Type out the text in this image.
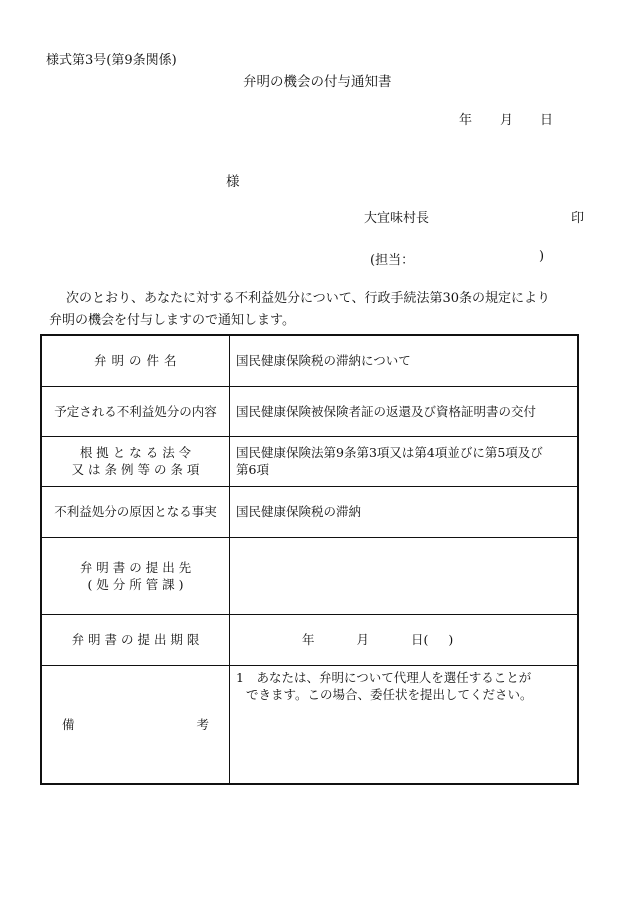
様式第3号(第9条関係)
弁明の機会の付与通知書
年 月 日
様
大宜味村長	印
(担当：	)
次のとおり、あなたに対する不利益処分について、行政手続法第30条の規定により
弁明の機会を付与しますので通知します。
弁 明 の 件 名	国民健康保険税の滞納について
予定される不利益処分の内容	国民健康保険被保険者証の返還及び資格証明書の交付

根 拠 と な る 法 令
又 は 条 例 等 の 条 項	国民健康保険法第9条第3項又は第4項並びに第5項及び
第6項

不利益処分の原因となる事実	国民健康保険税の滞納

弁 明 書 の 提 出 先
( 処 分 所 管 課 )	

弁 明 書 の 提 出 期 限	年 月 日( )

備 考	1　あなたは、弁明について代理人を選任することが
できます。この場合、委任状を提出してください。
